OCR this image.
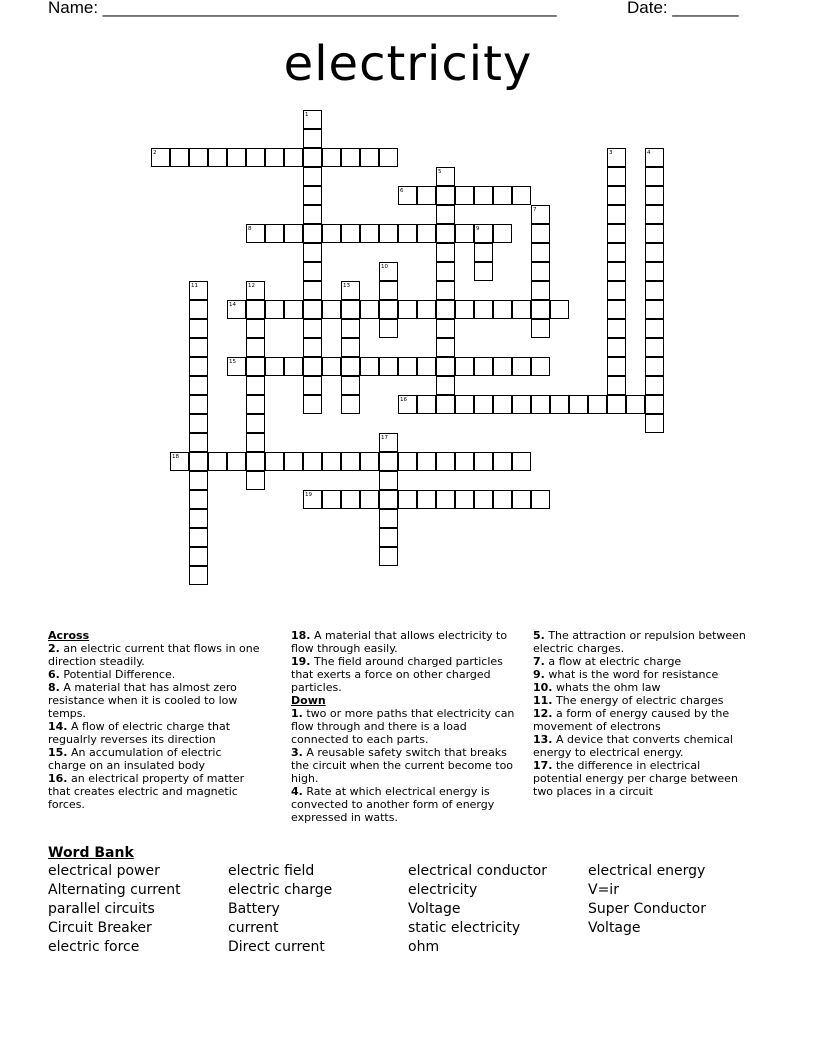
Name: ________________________________________________	Date: _______
electricity
1
2	3	4
5
6
7
8	9
10
11	12	13
14
15
16
17
18
19
Across
2. an electric current that flows in one direction steadily.
6. Potential Difference.
8. A material that has almost zero resistance when it is cooled to low temps.
14. A flow of electric charge that regualrly reverses its direction
15. An accumulation of electric charge on an insulated body
16. an electrical property of matter that creates electric and magnetic forces.
18. A material that allows electricity to flow through easily.
19. The field around charged particles that exerts a force on other charged particles.
Down
1. two or more paths that electricity can flow through and there is a load connected to each parts.
3. A reusable safety switch that breaks the circuit when the current become too high.
4. Rate at which electrical energy is convected to another form of energy expressed in watts.
5. The attraction or repulsion between electric charges.
7. a flow at electric charge
9. what is the word for resistance
10. whats the ohm law
11. The energy of electric charges
12. a form of energy caused by the movement of electrons
13. A device that converts chemical energy to electrical energy.
17. the difference in electrical potential energy per charge between two places in a circuit
Word Bank
electrical power
Alternating current
parallel circuits
Circuit Breaker
electric force
electric field
electric charge
Battery
current
Direct current
electrical conductor
electricity
Voltage
static electricity
ohm
electrical energy
V=ir
Super Conductor
Voltage
